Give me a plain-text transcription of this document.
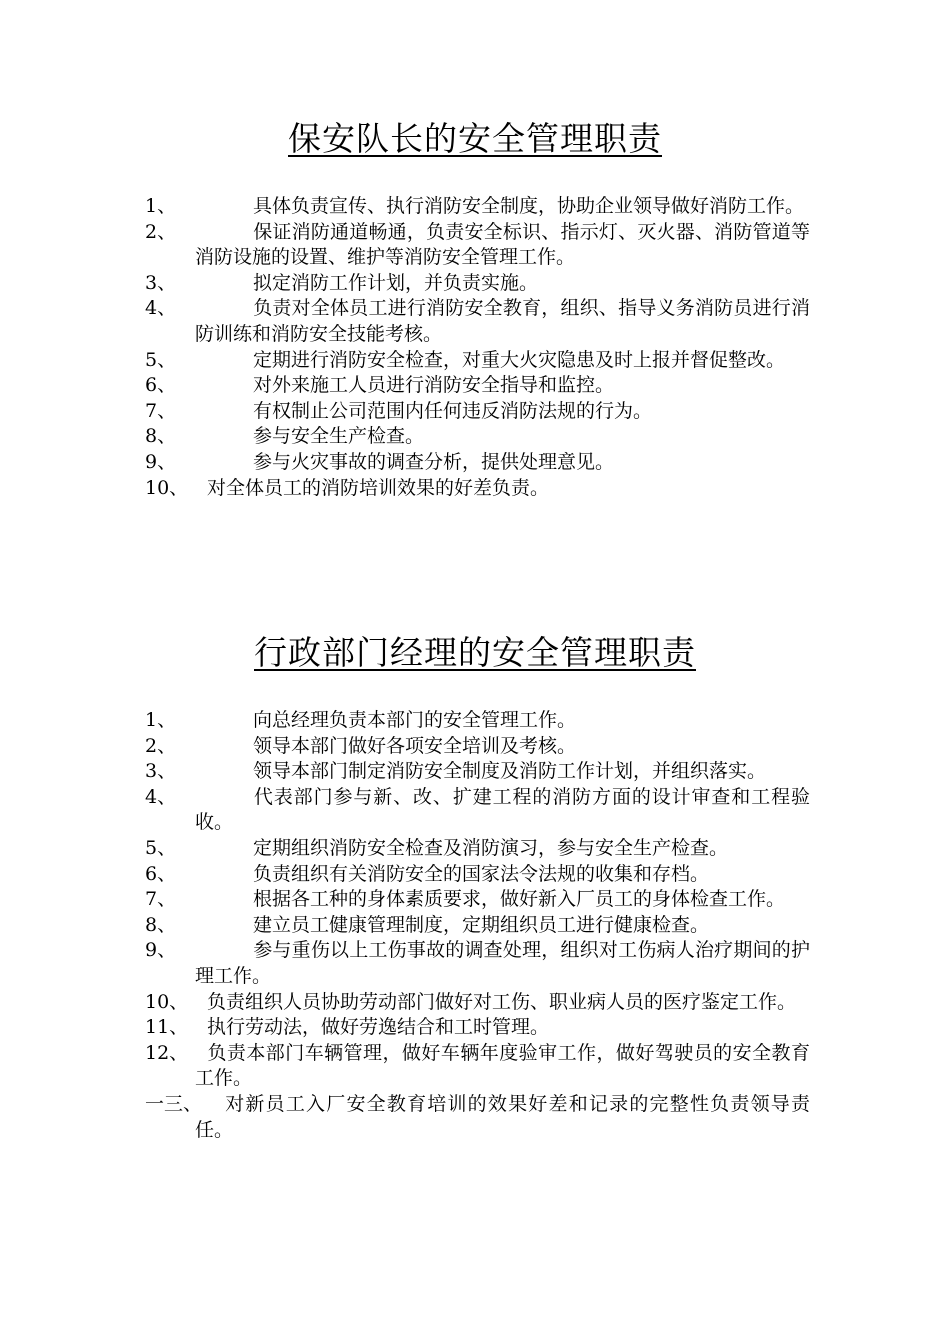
保安队长的安全管理职责
1、	具体负责宣传、执行消防安全制度，协助企业领导做好消防工作。
2、	保证消防通道畅通，负责安全标识、指示灯、灭火器、消防管道等消防设施的设置、维护等消防安全管理工作。
3、	拟定消防工作计划，并负责实施。
4、	负责对全体员工进行消防安全教育，组织、指导义务消防员进行消防训练和消防安全技能考核。
5、	定期进行消防安全检查，对重大火灾隐患及时上报并督促整改。
6、	对外来施工人员进行消防安全指导和监控。
7、	有权制止公司范围内任何违反消防法规的行为。
8、	参与安全生产检查。
9、	参与火灾事故的调查分析，提供处理意见。
10、 对全体员工的消防培训效果的好差负责。
行政部门经理的安全管理职责
1、	向总经理负责本部门的安全管理工作。
2、	领导本部门做好各项安全培训及考核。
3、	领导本部门制定消防安全制度及消防工作计划，并组织落实。
4、	代表部门参与新、改、扩建工程的消防方面的设计审查和工程验收。
5、	定期组织消防安全检查及消防演习，参与安全生产检查。
6、	负责组织有关消防安全的国家法令法规的收集和存档。
7、	根据各工种的身体素质要求，做好新入厂员工的身体检查工作。
8、	建立员工健康管理制度，定期组织员工进行健康检查。
9、	参与重伤以上工伤事故的调查处理，组织对工伤病人治疗期间的护理工作。
10、 负责组织人员协助劳动部门做好对工伤、职业病人员的医疗鉴定工作。
11、 执行劳动法，做好劳逸结合和工时管理。
12、 负责本部门车辆管理，做好车辆年度验审工作，做好驾驶员的安全教育工作。
一三、	对新员工入厂安全教育培训的效果好差和记录的完整性负责领导责任。
